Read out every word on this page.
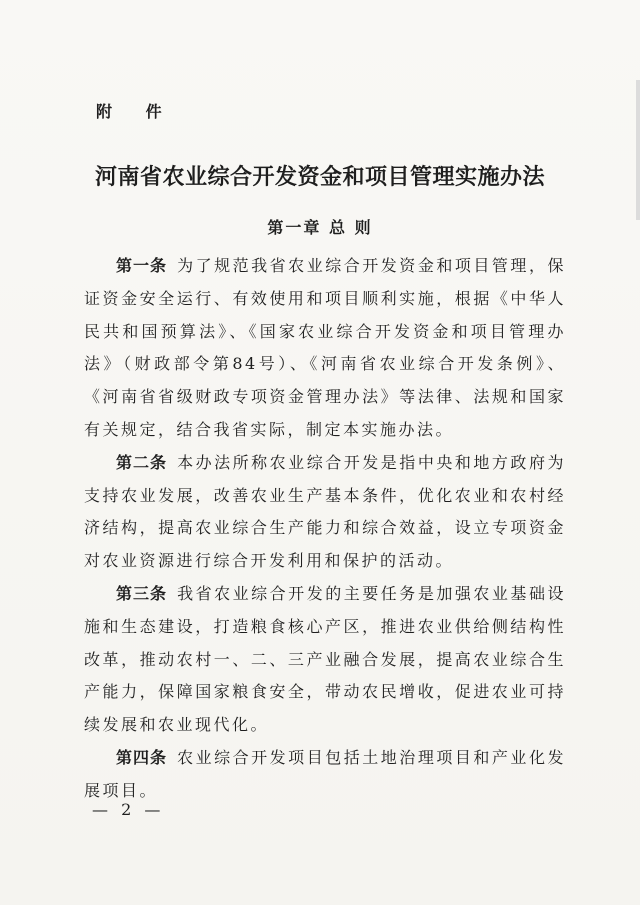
附 件
河南省农业综合开发资金和项目管理实施办法
第一章 总 则

第一条 为了规范我省农业综合开发资金和项目管理，保证资金安全运行、有效使用和项目顺利实施，根据《中华人民共和国预算法》、《国家农业综合开发资金和项目管理办法》（财政部令第84号）、《河南省农业综合开发条例》、《河南省省级财政专项资金管理办法》等法律、法规和国家有关规定，结合我省实际，制定本实施办法。

第二条 本办法所称农业综合开发是指中央和地方政府为支持农业发展，改善农业生产基本条件，优化农业和农村经济结构，提高农业综合生产能力和综合效益，设立专项资金对农业资源进行综合开发利用和保护的活动。

第三条 我省农业综合开发的主要任务是加强农业基础设施和生态建设，打造粮食核心产区，推进农业供给侧结构性改革，推动农村一、二、三产业融合发展，提高农业综合生产能力，保障国家粮食安全，带动农民增收，促进农业可持续发展和农业现代化。

第四条 农业综合开发项目包括土地治理项目和产业化发展项目。

— 2 —
